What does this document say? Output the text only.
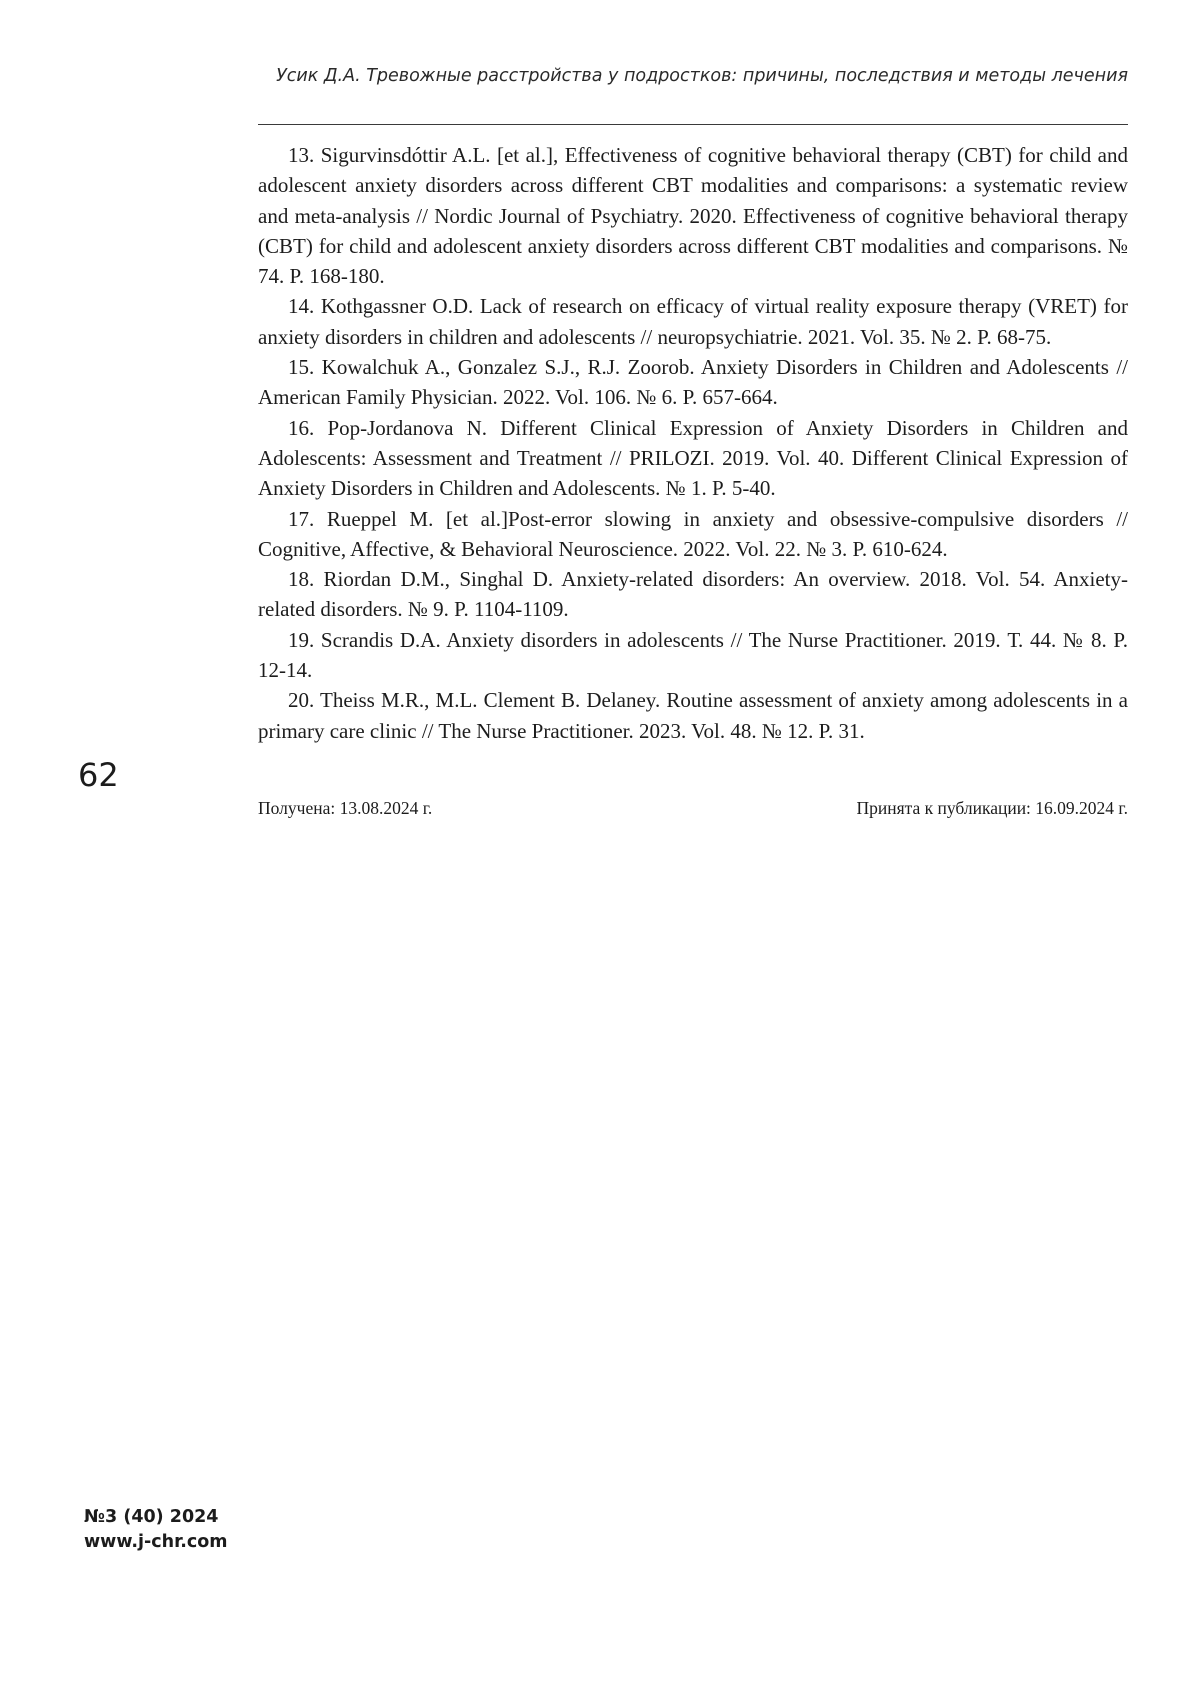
Усик Д.А. Тревожные расстройства у подростков: причины, последствия и методы лечения

13. Sigurvinsdóttir A.L. [et al.], Effectiveness of cognitive behavioral therapy (CBT) for child and adolescent anxiety disorders across different CBT modalities and comparisons: a systematic review and meta-analysis // Nordic Journal of Psychiatry. 2020. Effectiveness of cognitive behavioral therapy (CBT) for child and adolescent anxiety disorders across different CBT modalities and comparisons. № 74. P. 168-180.

14. Kothgassner O.D. Lack of research on efficacy of virtual reality exposure therapy (VRET) for anxiety disorders in children and adolescents // neuropsychiatrie. 2021. Vol. 35. № 2. P. 68-75.

15. Kowalchuk A., Gonzalez S.J., R.J. Zoorob. Anxiety Disorders in Children and Adolescents // American Family Physician. 2022. Vol. 106. № 6. P. 657-664.

16. Pop-Jordanova N. Different Clinical Expression of Anxiety Disorders in Children and Adolescents: Assessment and Treatment // PRILOZI. 2019. Vol. 40. Different Clinical Expression of Anxiety Disorders in Children and Adolescents. № 1. P. 5-40.

17. Rueppel M. [et al.]Post-error slowing in anxiety and obsessive-compulsive disorders // Cognitive, Affective, & Behavioral Neuroscience. 2022. Vol. 22. № 3. P. 610-624.

18. Riordan D.M., Singhal D. Anxiety-related disorders: An overview. 2018. Vol. 54. Anxiety-related disorders. № 9. P. 1104-1109.

19. Scrandis D.A. Anxiety disorders in adolescents // The Nurse Practitioner. 2019. Т. 44. № 8. P. 12-14.

20. Theiss M.R., M.L. Clement B. Delaney. Routine assessment of anxiety among adolescents in a primary care clinic // The Nurse Practitioner. 2023. Vol. 48. № 12. P. 31.

Получена: 13.08.2024 г.	Принята к публикации: 16.09.2024 г.
62
№3 (40) 2024
www.j-chr.com
